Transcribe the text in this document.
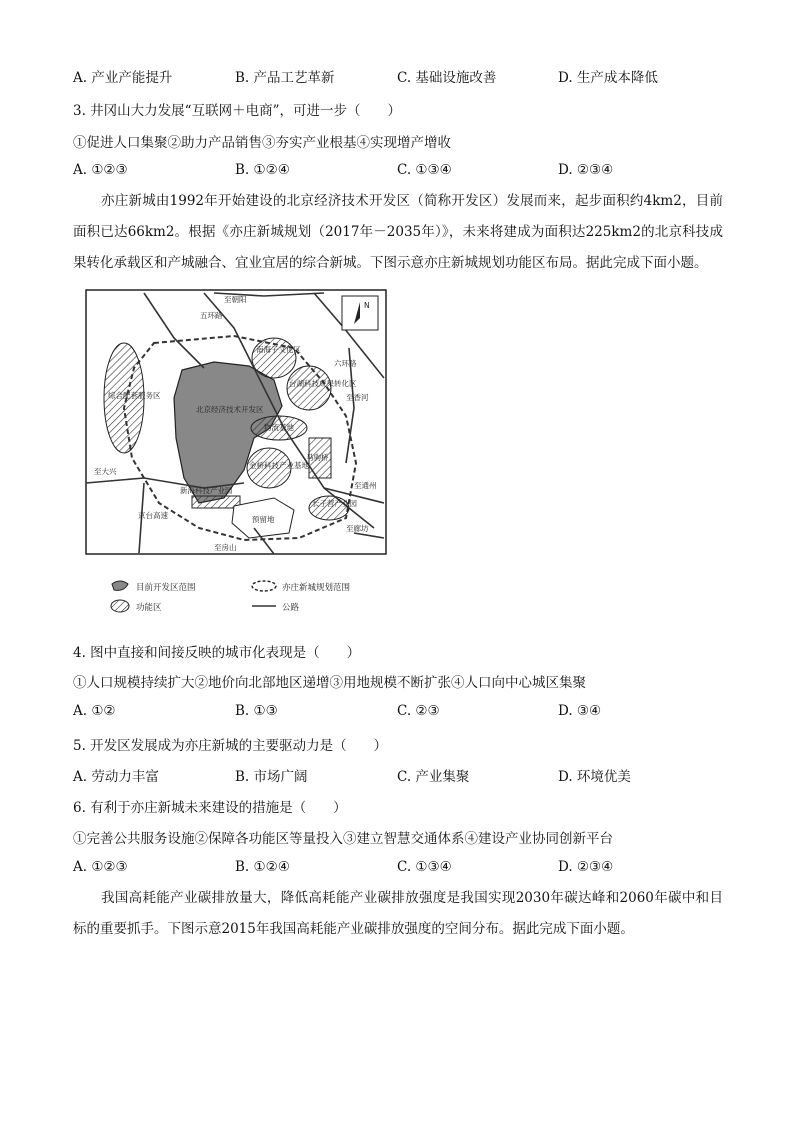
A. 产业产能提升	B. 产品工艺革新	C. 基础设施改善	D. 生产成本降低
3. 井冈山大力发展“互联网＋电商”，可进一步（　　）
①促进人口集聚②助力产品销售③夯实产业根基④实现增产增收
A. ①②③	B. ①②④	C. ①③④	D. ②③④
亦庄新城由1992年开始建设的北京经济技术开发区（简称开发区）发展而来，起步面积约4km2，目前面积已达66km2。根据《亦庄新城规划（2017年－2035年）》，未来将建成为面积达225km2的北京科技成果转化承载区和产城融合、宜业宜居的综合新城。下图示意亦庄新城规划功能区布局。据此完成下面小题。
N
至朝阳
五环路
六环路
至大兴
京台高速
至房山
至通州
至廊坊
至香河
南海子文化区
台湖科技成果转化区
北京经济技术开发区
物流基地
金桥科技产业基地
新海科技产业园
预留地
长子营产业园
马驹桥
综合配套服务区
目前开发区范围	亦庄新城规划范围
功能区	公路
4. 图中直接和间接反映的城市化表现是（　　）
①人口规模持续扩大②地价向北部地区递增③用地规模不断扩张④人口向中心城区集聚
A. ①②	B. ①③	C. ②③	D. ③④
5. 开发区发展成为亦庄新城的主要驱动力是（　　）
A. 劳动力丰富	B. 市场广阔	C. 产业集聚	D. 环境优美
6. 有利于亦庄新城未来建设的措施是（　　）
①完善公共服务设施②保障各功能区等量投入③建立智慧交通体系④建设产业协同创新平台
A. ①②③	B. ①②④	C. ①③④	D. ②③④
我国高耗能产业碳排放量大，降低高耗能产业碳排放强度是我国实现2030年碳达峰和2060年碳中和目标的重要抓手。下图示意2015年我国高耗能产业碳排放强度的空间分布。据此完成下面小题。
